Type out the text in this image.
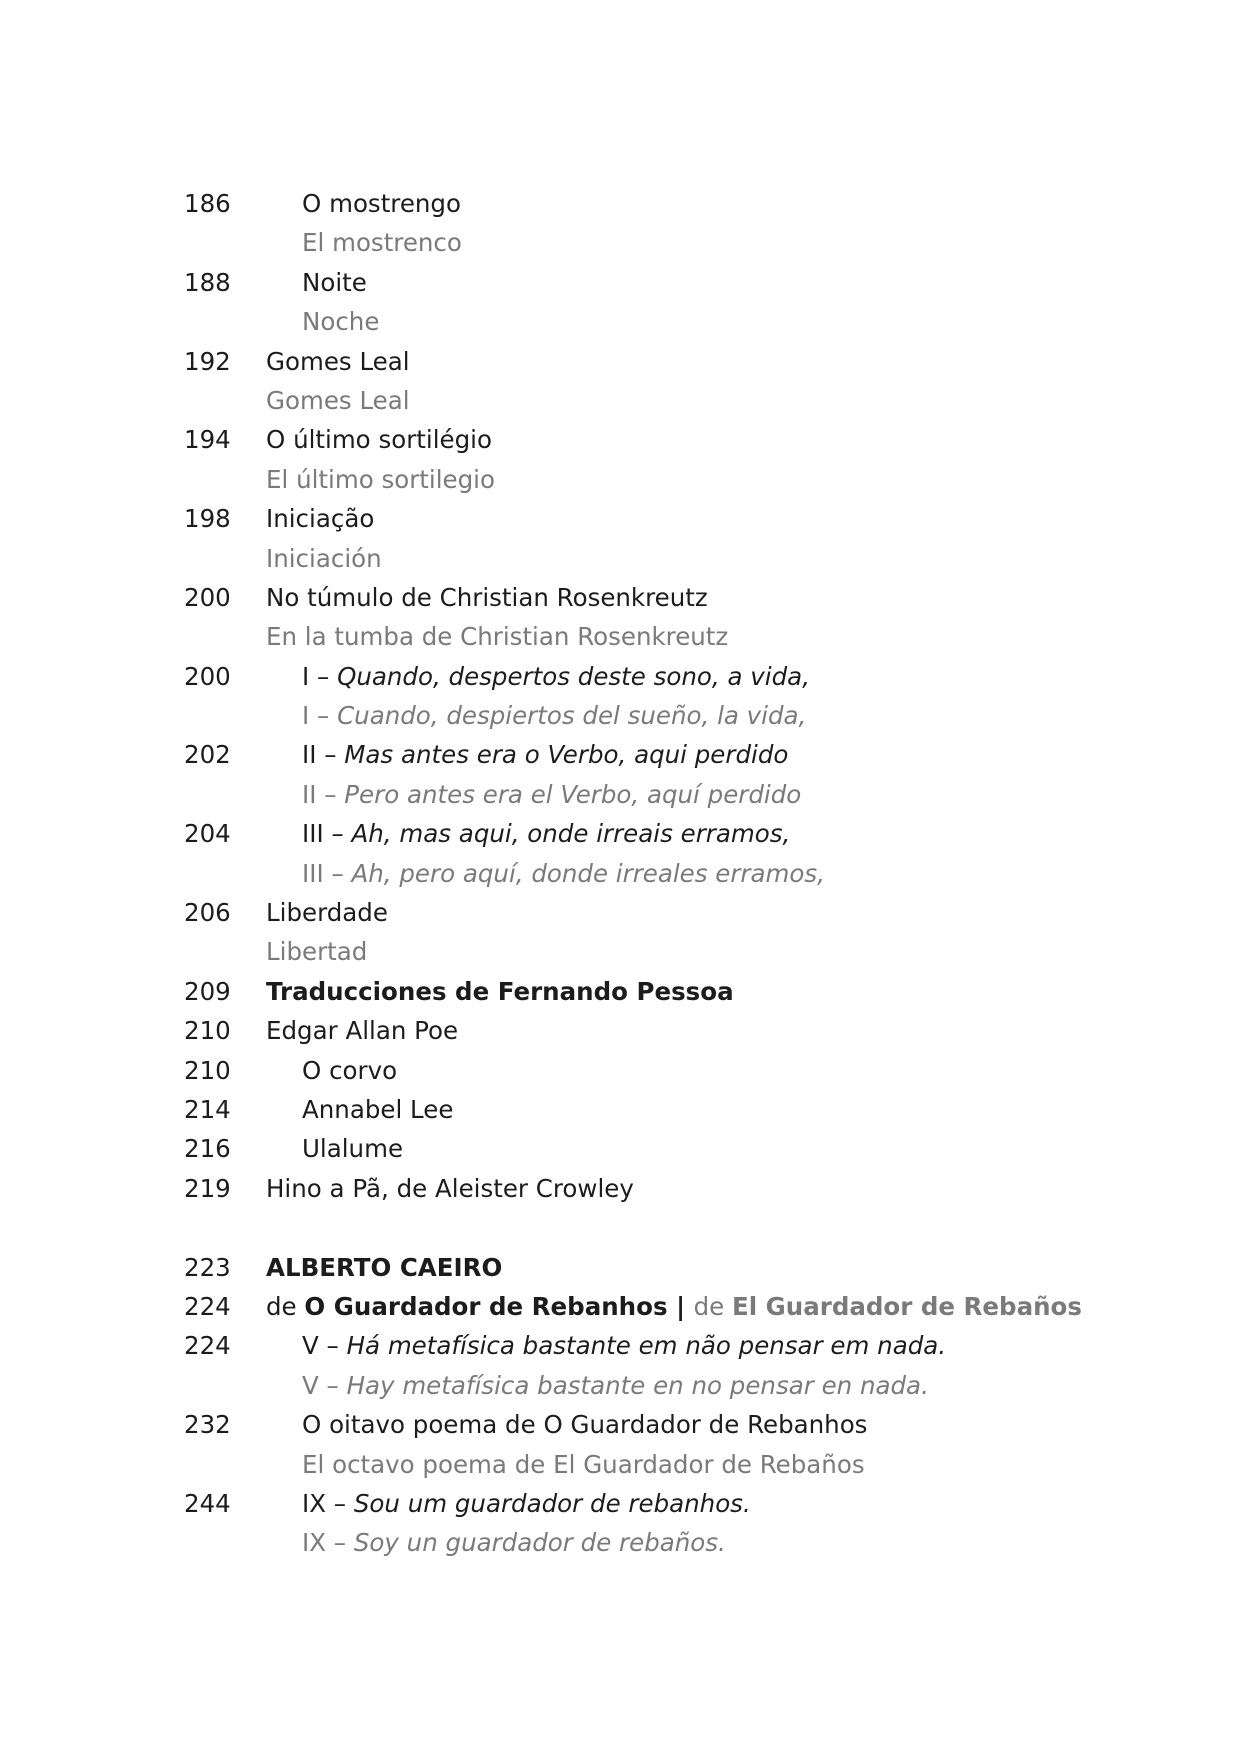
186	O mostrengo
El mostrenco
188	Noite
Noche
192 Gomes Leal
Gomes Leal
194 O último sortilégio
El último sortilegio
198 Iniciação
Iniciación
200 No túmulo de Christian Rosenkreutz
En la tumba de Christian Rosenkreutz
200	I – Quando, despertos deste sono, a vida,
I – Cuando, despiertos del sueño, la vida,
202	II – Mas antes era o Verbo, aqui perdido
II – Pero antes era el Verbo, aquí perdido
204	III – Ah, mas aqui, onde irreais erramos,
III – Ah, pero aquí, donde irreales erramos,
206 Liberdade
Libertad
209 Traducciones de Fernando Pessoa
210 Edgar Allan Poe
210	O corvo
214	Annabel Lee
216	Ulalume
219 Hino a Pã, de Aleister Crowley
223 ALBERTO CAEIRO
224 de O Guardador de Rebanhos | de El Guardador de Rebaños
224	V – Há metafísica bastante em não pensar em nada.
V – Hay metafísica bastante en no pensar en nada.
232	O oitavo poema de O Guardador de Rebanhos
El octavo poema de El Guardador de Rebaños
244	IX – Sou um guardador de rebanhos.
IX – Soy un guardador de rebaños.
